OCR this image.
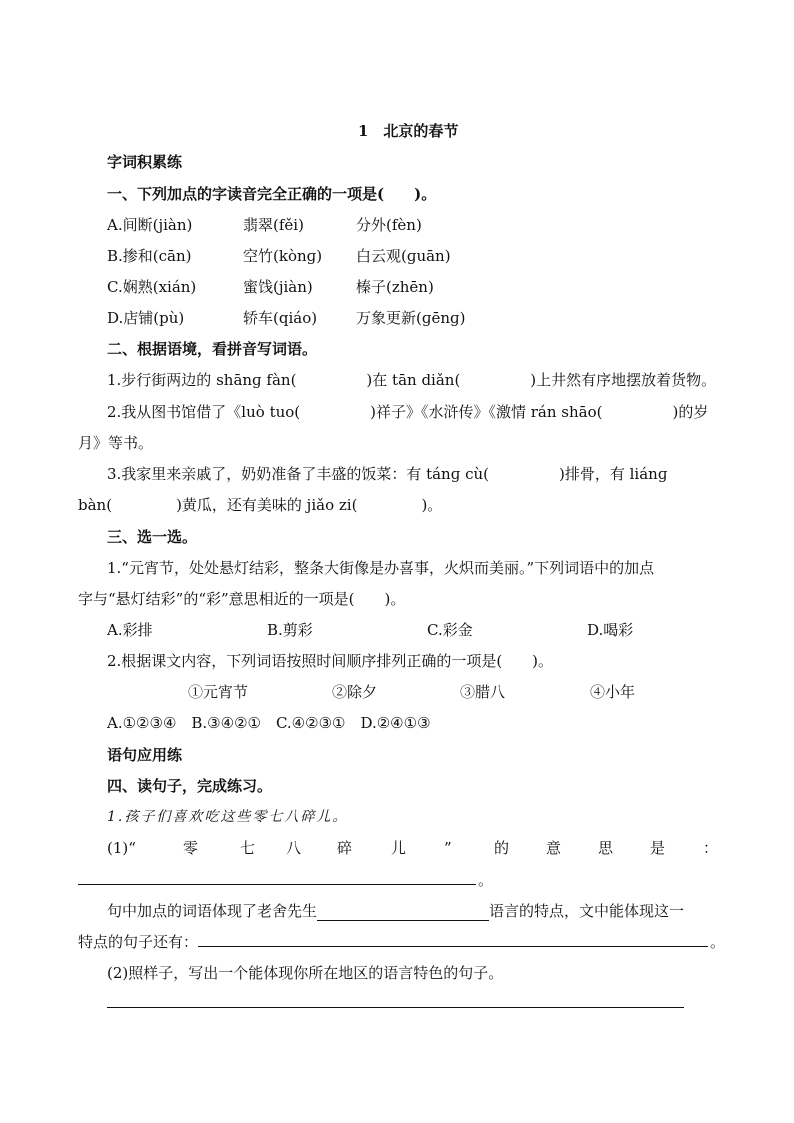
1　北京的春节
字词积累练
一、下列加点的字读音完全正确的一项是(　　)。
A.间断(jiàn)	翡翠(fěi)	分外(fèn)
B.掺和(cān)	空竹(kònɡ) 白云观(ɡuān)
C.娴熟(xián)	蜜饯(jiàn)	榛子(zhēn)
D.店铺(pù)	轿车(qiáo)	万象更新(ɡēnɡ)
二、根据语境，看拼音写词语。
1.步行街两边的 shānɡ fàn(	)在 tān diǎn(	)上井然有序地摆放着货物。
2.我从图书馆借了《luò tuo(	)祥子》《水浒传》《激情 rán shāo(	)的岁
月》等书。
3.我家里来亲戚了，奶奶准备了丰盛的饭菜：有 tánɡ cù(	)排骨，有 liánɡ
bàn(	)黄瓜，还有美味的 jiǎo zi(	)。
三、选一选。
1.“元宵节，处处悬灯结彩，整条大街像是办喜事，火炽而美丽。”下列词语中的加点
字与“悬灯结彩”的“彩”意思相近的一项是(　　)。
A.彩排	B.剪彩	C.彩金	D.喝彩
2.根据课文内容，下列词语按照时间顺序排列正确的一项是(　　)。
①元宵节	②除夕	③腊八	④小年
A.①②③④　B.③④②①　C.④②③①　D.②④①③
语句应用练
四、读句子，完成练习。
1.孩子们喜欢吃这些零七八碎儿。
(1)“	零	七 八 碎	儿	”	的 意 思 是	：
。
句中加点的词语体现了老舍先生	语言的特点，文中能体现这一
特点的句子还有：	。
(2)照样子，写出一个能体现你所在地区的语言特色的句子。
